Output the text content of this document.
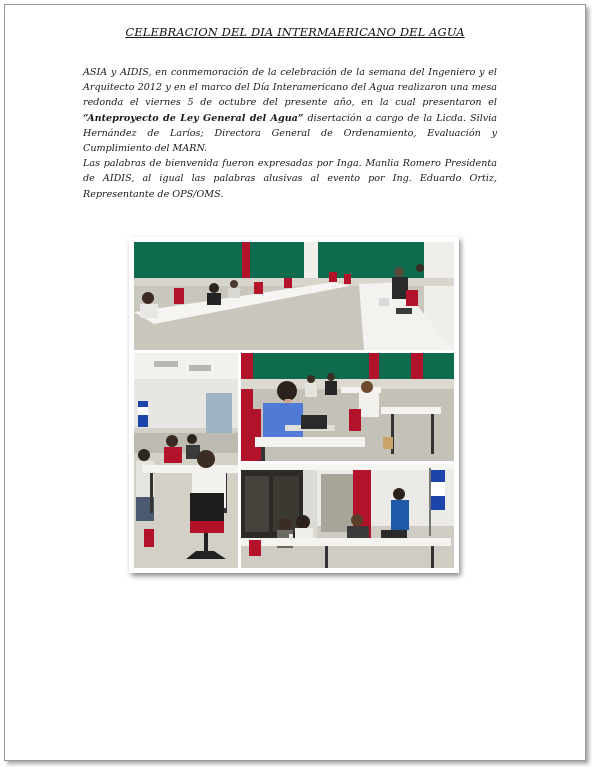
CELEBRACION DEL DIA INTERMAERICANO DEL AGUA

ASIA y AIDIS, en conmemoración de la celebración de la semana del Ingeniero y el Arquitecto 2012 y en el marco del Día Interamericano del Agua realizaron una mesa redonda el viernes 5 de octubre del presente año, en la cual presentaron el “Anteproyecto de Ley General del Agua” disertación a cargo de la Licda. Silvia Hernández de Laríos; Directora General de Ordenamiento, Evaluación y Cumplimiento del MARN.

Las palabras de bienvenida fueron expresadas por Inga. Manlia Romero Presidenta de AIDIS, al igual las palabras alusivas al evento por Ing. Eduardo Ortiz, Representante de OPS/OMS.
